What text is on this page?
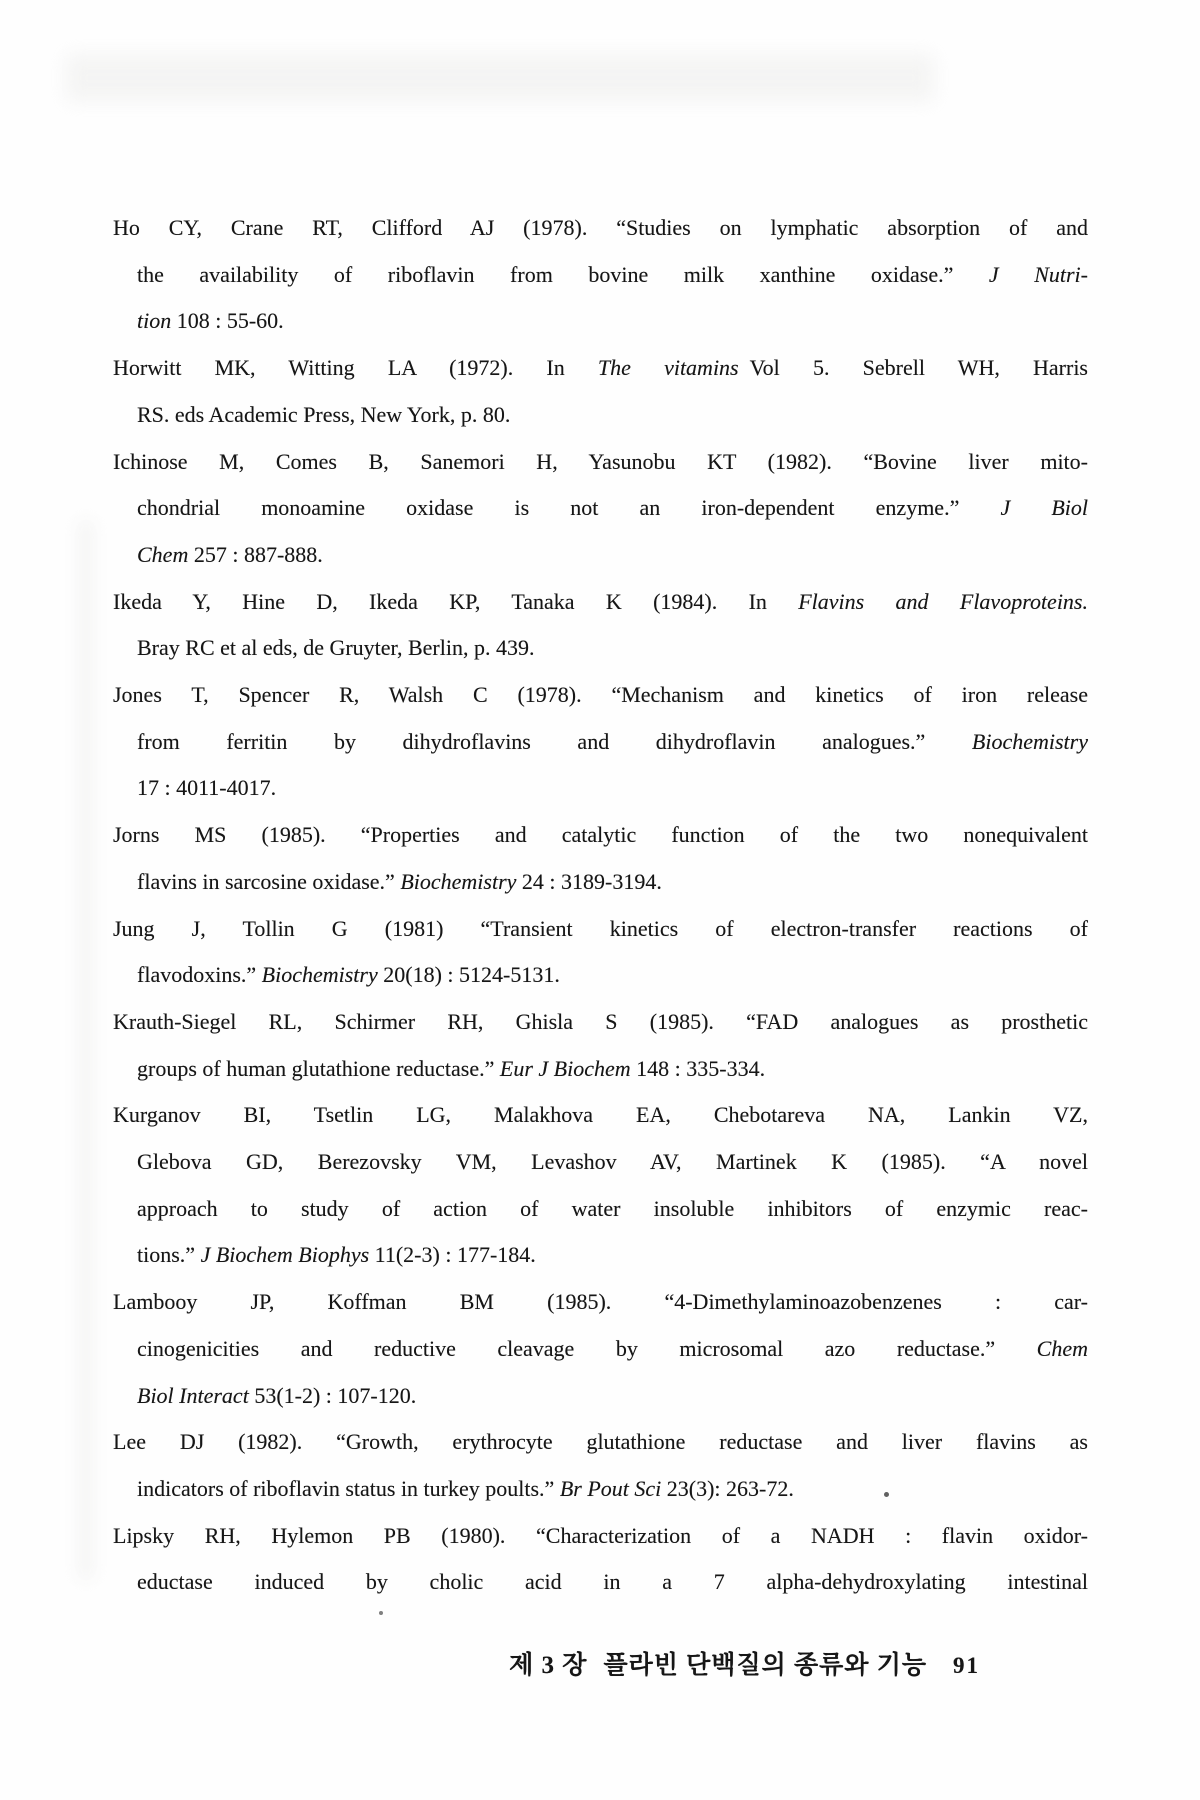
Ho CY, Crane RT, Clifford AJ (1978). “Studies on lymphatic absorption of and
the availability of riboflavin from bovine milk xanthine oxidase.” J Nutri-
tion 108 : 55-60.
Horwitt MK, Witting LA (1972). In The vitamins Vol 5. Sebrell WH, Harris
RS. eds Academic Press, New York, p. 80.
Ichinose M, Comes B, Sanemori H, Yasunobu KT (1982). “Bovine liver mito-
chondrial monoamine oxidase is not an iron-dependent enzyme.” J Biol
Chem 257 : 887-888.
Ikeda Y, Hine D, Ikeda KP, Tanaka K (1984). In Flavins and Flavoproteins.
Bray RC et al eds, de Gruyter, Berlin, p. 439.
Jones T, Spencer R, Walsh C (1978). “Mechanism and kinetics of iron release
from ferritin by dihydroflavins and dihydroflavin analogues.” Biochemistry
17 : 4011-4017.
Jorns MS (1985). “Properties and catalytic function of the two nonequivalent
flavins in sarcosine oxidase.” Biochemistry 24 : 3189-3194.
Jung J, Tollin G (1981) “Transient kinetics of electron-transfer reactions of
flavodoxins.” Biochemistry 20(18) : 5124-5131.
Krauth-Siegel RL, Schirmer RH, Ghisla S (1985). “FAD analogues as prosthetic
groups of human glutathione reductase.” Eur J Biochem 148 : 335-334.
Kurganov BI, Tsetlin LG, Malakhova EA, Chebotareva NA, Lankin VZ,
Glebova GD, Berezovsky VM, Levashov AV, Martinek K (1985). “A novel
approach to study of action of water insoluble inhibitors of enzymic reac-
tions.” J Biochem Biophys 11(2-3) : 177-184.
Lambooy JP, Koffman BM (1985). “4-Dimethylaminoazobenzenes : car-
cinogenicities and reductive cleavage by microsomal azo reductase.” Chem
Biol Interact 53(1-2) : 107-120.
Lee DJ (1982). “Growth, erythrocyte glutathione reductase and liver flavins as
indicators of riboflavin status in turkey poults.” Br Pout Sci 23(3): 263-72.
Lipsky RH, Hylemon PB (1980). “Characterization of a NADH : flavin oxidor-
eductase induced by cholic acid in a 7 alpha-dehydroxylating intestinal
제 3 장 플라빈 단백질의 종류와 기능 91
